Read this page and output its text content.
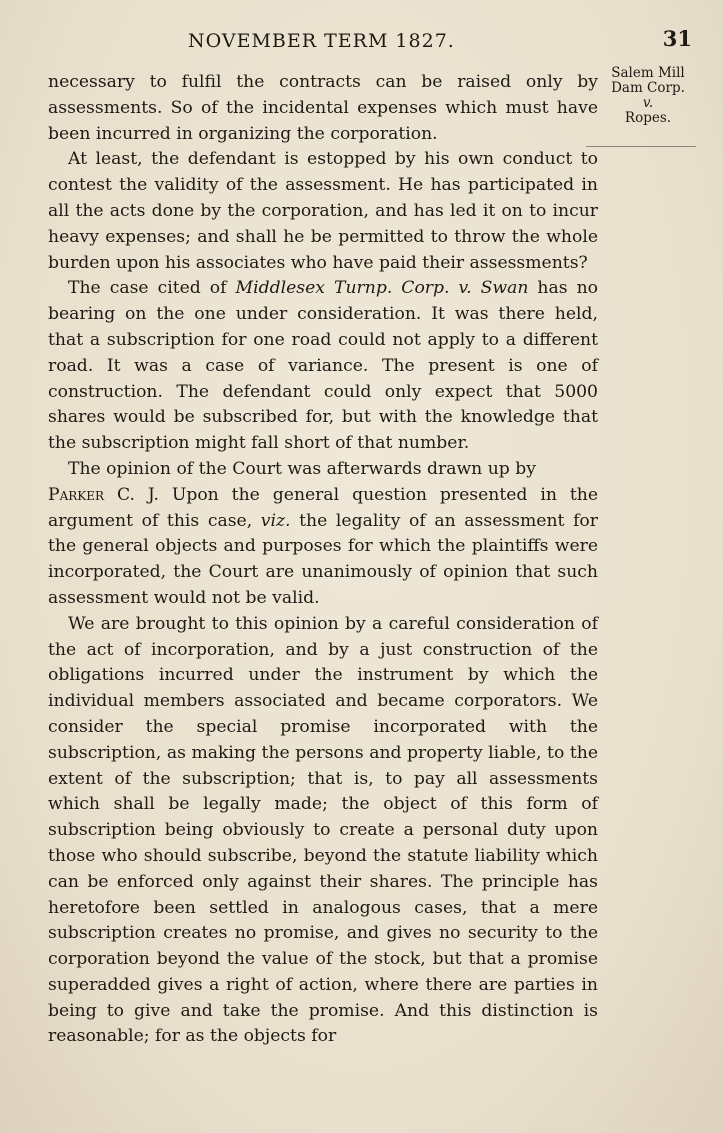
NOVEMBER TERM 1827.	31
Salem Mill
Dam Corp.
v.
Ropes.

necessary to fulfil the contracts can be raised only by assessments. So of the incidental expenses which must have been incurred in organizing the corporation.

At least, the defendant is estopped by his own conduct to contest the validity of the assessment. He has participated in all the acts done by the corporation, and has led it on to incur heavy expenses; and shall he be permitted to throw the whole burden upon his associates who have paid their assessments?

The case cited of Middlesex Turnp. Corp. v. Swan has no bearing on the one under consideration. It was there held, that a subscription for one road could not apply to a different road. It was a case of variance. The present is one of construction. The defendant could only expect that 5000 shares would be subscribed for, but with the knowledge that the subscription might fall short of that number.

The opinion of the Court was afterwards drawn up by

Parker C. J. Upon the general question presented in the argument of this case, viz. the legality of an assessment for the general objects and purposes for which the plaintiffs were incorporated, the Court are unanimously of opinion that such assessment would not be valid.

We are brought to this opinion by a careful consideration of the act of incorporation, and by a just construction of the obligations incurred under the instrument by which the individual members associated and became corporators. We consider the special promise incorporated with the subscription, as making the persons and property liable, to the extent of the subscription; that is, to pay all assessments which shall be legally made; the object of this form of subscription being obviously to create a personal duty upon those who should subscribe, beyond the statute liability which can be enforced only against their shares. The principle has heretofore been settled in analogous cases, that a mere subscription creates no promise, and gives no security to the corporation beyond the value of the stock, but that a promise superadded gives a right of action, where there are parties in being to give and take the promise. And this distinction is reasonable; for as the objects for
